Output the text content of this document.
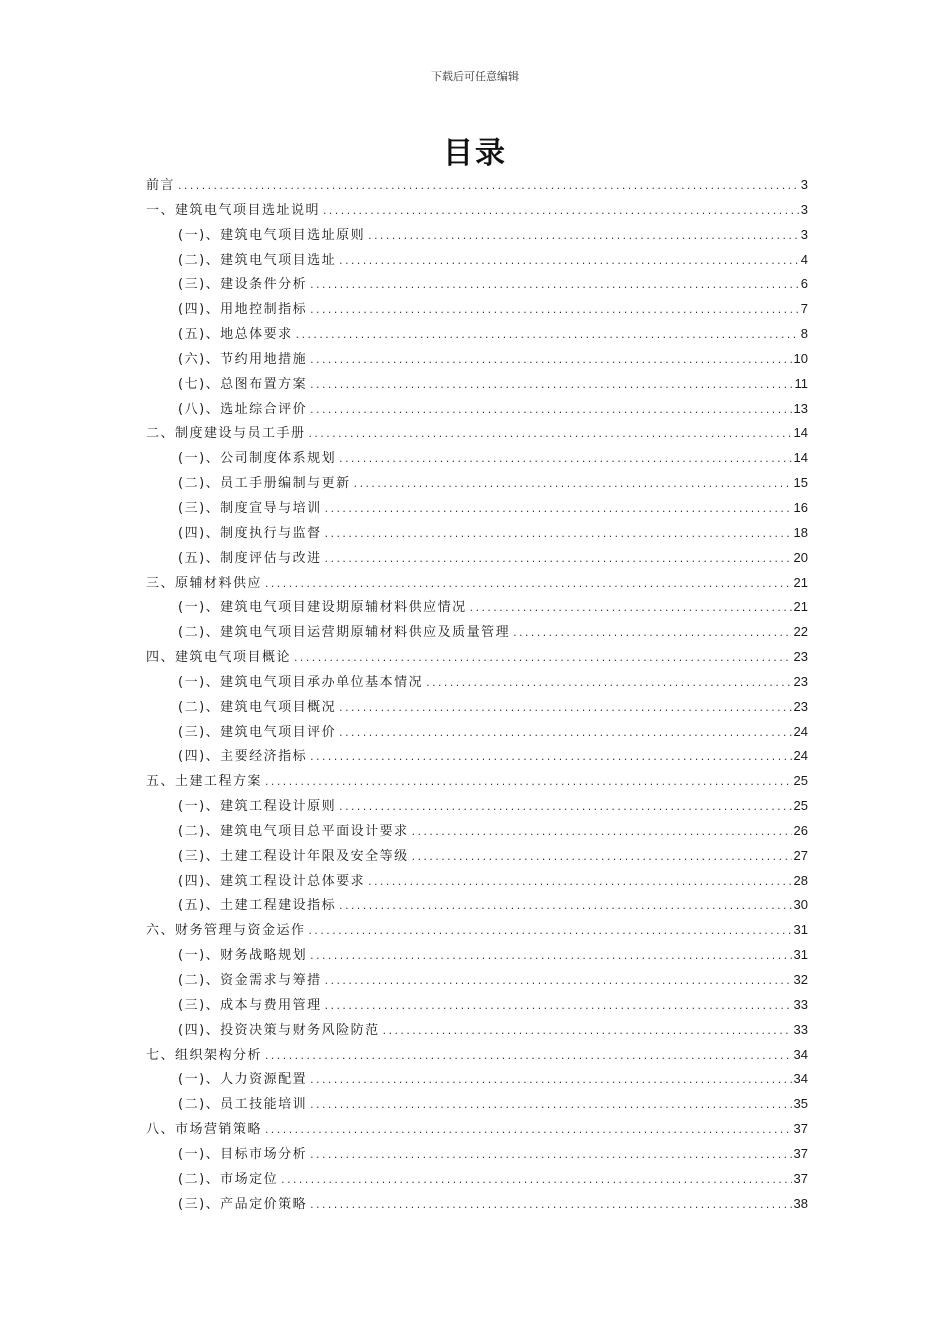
下载后可任意编辑
目录
前言 .....	3
一、建筑电气项目选址说明 .....	3
(一)、建筑电气项目选址原则 .....	3
(二)、建筑电气项目选址 .....	4
(三)、建设条件分析 .....	6
(四)、用地控制指标 .....	7
(五)、地总体要求 .....	8
(六)、节约用地措施 .....	10
(七)、总图布置方案 .....	11
(八)、选址综合评价 .....	13
二、制度建设与员工手册 .....	14
(一)、公司制度体系规划 .....	14
(二)、员工手册编制与更新 .....	15
(三)、制度宣导与培训 .....	16
(四)、制度执行与监督 .....	18
(五)、制度评估与改进 .....	20
三、原辅材料供应 .....	21
(一)、建筑电气项目建设期原辅材料供应情况 .....	21
(二)、建筑电气项目运营期原辅材料供应及质量管理 .....	22
四、建筑电气项目概论 .....	23
(一)、建筑电气项目承办单位基本情况 .....	23
(二)、建筑电气项目概况 .....	23
(三)、建筑电气项目评价 .....	24
(四)、主要经济指标 .....	24
五、土建工程方案 .....	25
(一)、建筑工程设计原则 .....	25
(二)、建筑电气项目总平面设计要求 .....	26
(三)、土建工程设计年限及安全等级 .....	27
(四)、建筑工程设计总体要求 .....	28
(五)、土建工程建设指标 .....	30
六、财务管理与资金运作 .....	31
(一)、财务战略规划 .....	31
(二)、资金需求与筹措 .....	32
(三)、成本与费用管理 .....	33
(四)、投资决策与财务风险防范 .....	33
七、组织架构分析 .....	34
(一)、人力资源配置 .....	34
(二)、员工技能培训 .....	35
八、市场营销策略 .....	37
(一)、目标市场分析 .....	37
(二)、市场定位 .....	37
(三)、产品定价策略 .....	38
